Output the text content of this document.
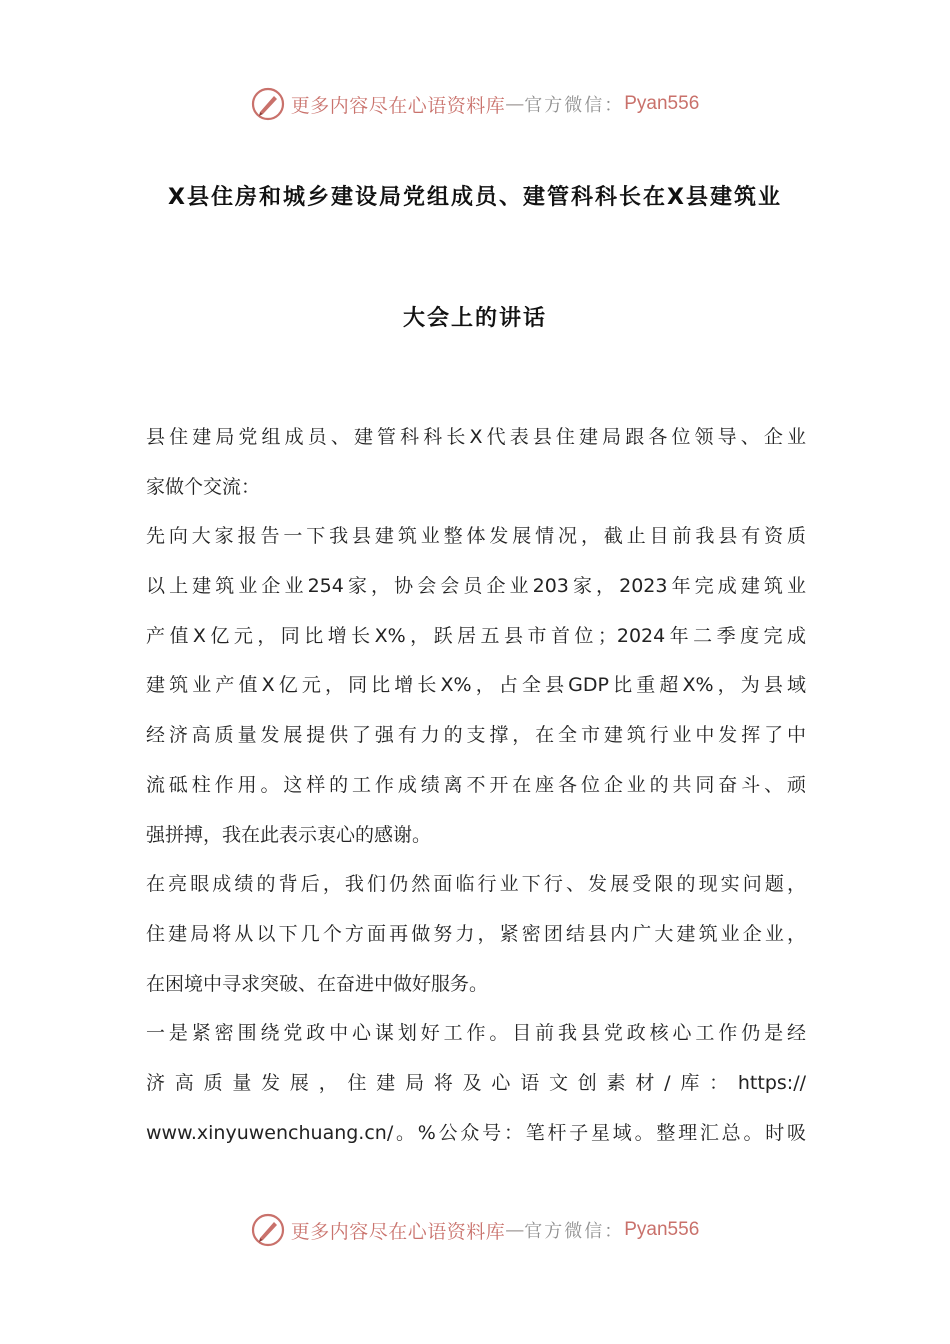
更多内容尽在心语资料库 — 官方微信： Pyan556
X县住房和城乡建设局党组成员、建管科科长在X县建筑业
大会上的讲话
县住建局党组成员、建管科科长X代表县住建局跟各位领导、企业
家做个交流：
先向大家报告一下我县建筑业整体发展情况，截止目前我县有资质
以上建筑业企业254家，协会会员企业203家，2023年完成建筑业
产值X亿元，同比增长X%，跃居五县市首位；2024年二季度完成
建筑业产值X亿元，同比增长X%，占全县GDP比重超X%，为县域
经济高质量发展提供了强有力的支撑，在全市建筑行业中发挥了中
流砥柱作用。这样的工作成绩离不开在座各位企业的共同奋斗、顽
强拼搏，我在此表示衷心的感谢。
在亮眼成绩的背后，我们仍然面临行业下行、发展受限的现实问题，
住建局将从以下几个方面再做努力，紧密团结县内广大建筑业企业，
在困境中寻求突破、在奋进中做好服务。
一是紧密围绕党政中心谋划好工作。目前我县党政核心工作仍是经
济高质量发展，住建局将及心语文创素材/库：https://
www.xinyuwenchuang.cn/。%公众号：笔杆子星域。整理汇总。时吸
更多内容尽在心语资料库 — 官方微信： Pyan556
